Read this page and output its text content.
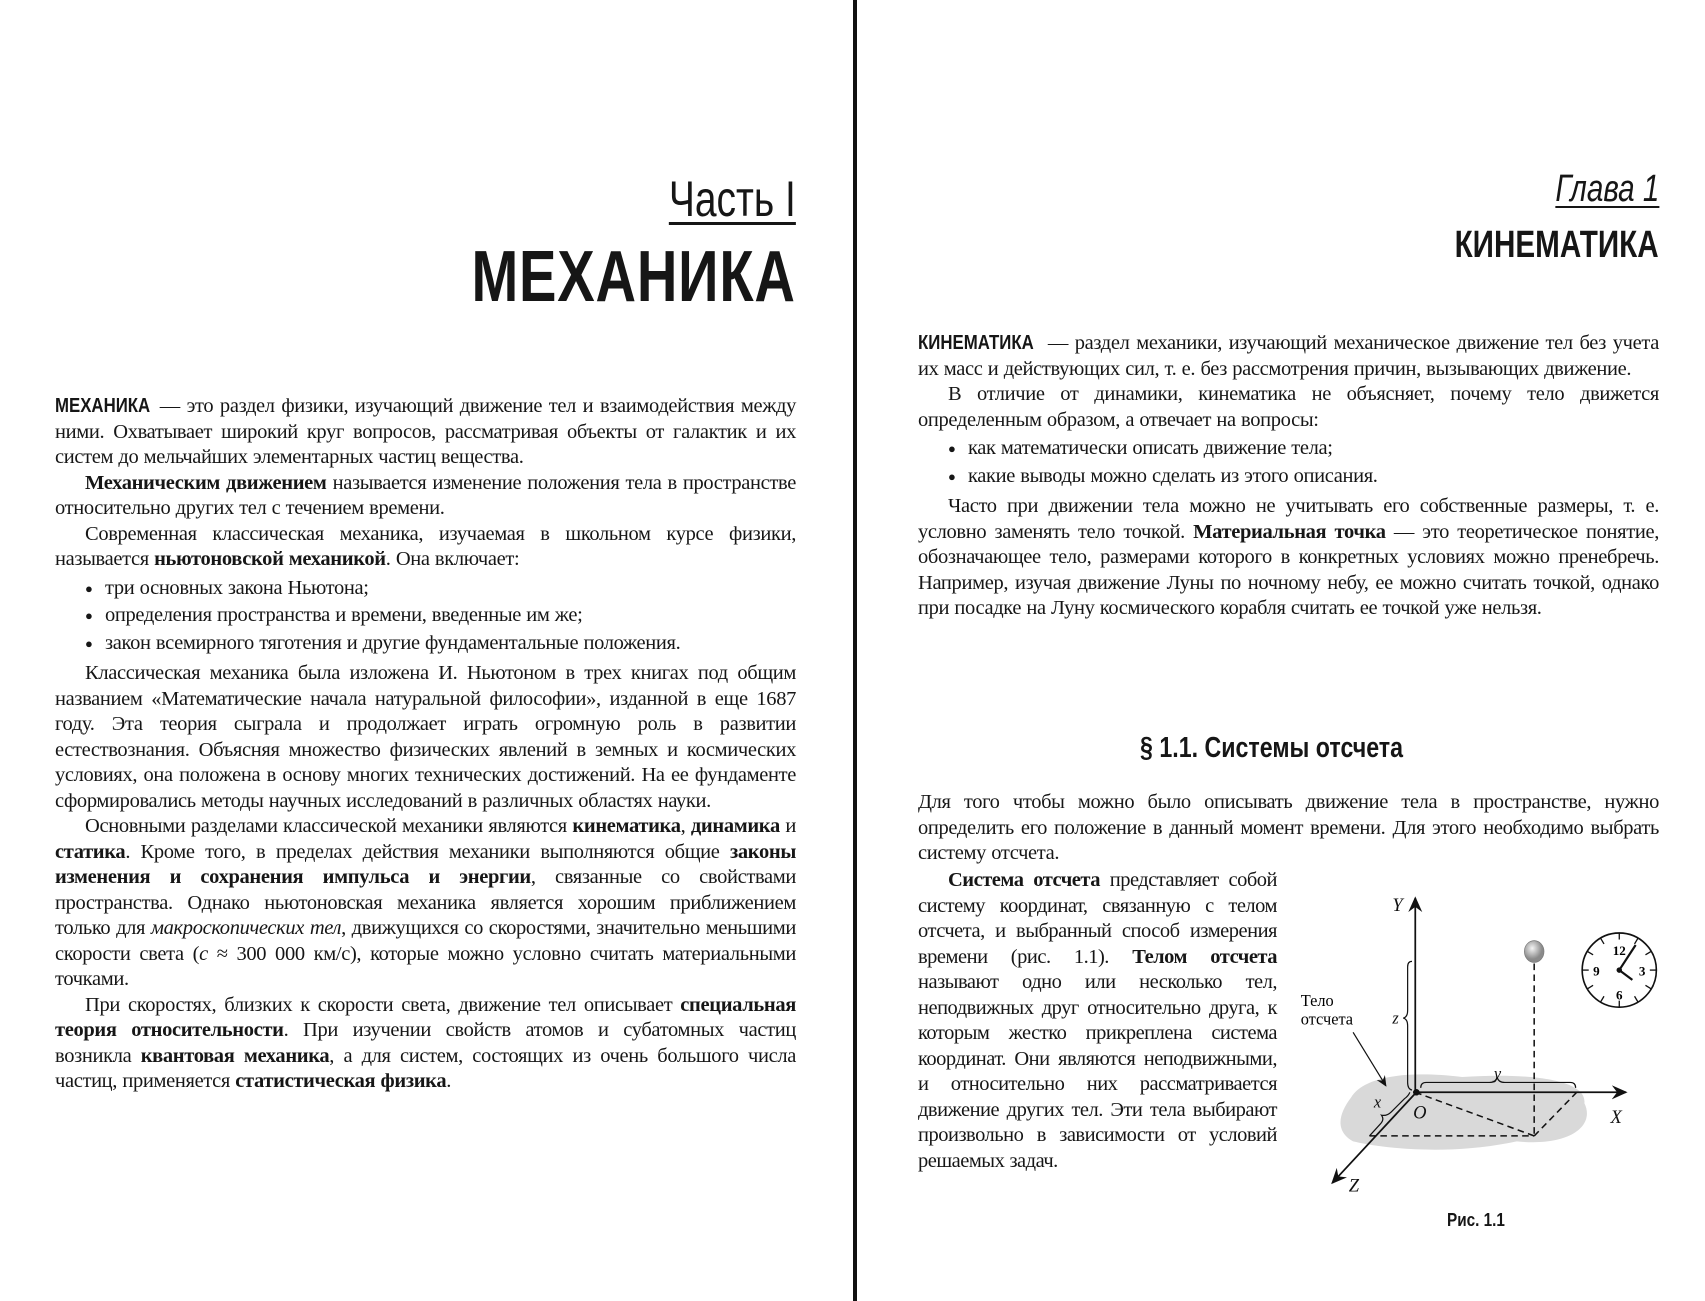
Часть I
МЕХАНИКА

МЕХАНИКА — это раздел физики, изучающий движение тел и взаимодействия между ними. Охватывает широкий круг вопросов, рассматривая объекты от галактик и их систем до мельчайших элементарных частиц вещества.

Механическим движением называется изменение положения тела в пространстве относительно других тел с течением времени.

Современная классическая механика, изучаемая в школьном курсе физики, называется ньютоновской механикой. Она включает:

● три основных закона Ньютона;
● определения пространства и времени, введенные им же;
● закон всемирного тяготения и другие фундаментальные положения.

Классическая механика была изложена И. Ньютоном в трех книгах под общим названием «Математические начала натуральной философии», изданной в еще 1687 году. Эта теория сыграла и продолжает играть огромную роль в развитии естествознания. Объясняя множество физических явлений в земных и космических условиях, она положена в основу многих технических достижений. На ее фундаменте сформировались методы научных исследований в различных областях науки.

Основными разделами классической механики являются кинематика, динамика и статика. Кроме того, в пределах действия механики выполняются общие законы изменения и сохранения импульса и энергии, связанные со свойствами пространства. Однако ньютоновская механика является хорошим приближением только для макроскопических тел, движущихся со скоростями, значительно меньшими скорости света (c ≈ 300 000 км/с), которые можно условно считать материальными точками.

При скоростях, близких к скорости света, движение тел описывает специальная теория относительности. При изучении свойств атомов и субатомных частиц возникла квантовая механика, а для систем, состоящих из очень большого числа частиц, применяется статистическая физика.

Глава 1
КИНЕМАТИКА

КИНЕМАТИКА — раздел механики, изучающий механическое движение тел без учета их масс и действующих сил, т. е. без рассмотрения причин, вызывающих движение.

В отличие от динамики, кинематика не объясняет, почему тело движется определенным образом, а отвечает на вопросы:

● как математически описать движение тела;
● какие выводы можно сделать из этого описания.

Часто при движении тела можно не учитывать его собственные размеры, т. е. условно заменять тело точкой. Материальная точка — это теоретическое понятие, обозначающее тело, размерами которого в конкретных условиях можно пренебречь. Например, изучая движение Луны по ночному небу, ее можно считать точкой, однако при посадке на Луну космического корабля считать ее точкой уже нельзя.

§ 1.1. Системы отсчета

Для того чтобы можно было описывать движение тела в пространстве, нужно определить его положение в данный момент времени. Для этого необходимо выбрать систему отсчета.

Система отсчета представляет собой систему координат, связанную с телом отсчета, и выбранный способ измерения времени (рис. 1.1). Телом отсчета называют одно или несколько тел, неподвижных друг относительно друга, к которым жестко прикреплена система координат. Они являются неподвижными, и относительно них рассматривается движение других тел. Эти тела выбирают произвольно в зависимости от условий решаемых задач.

12
3
6
9
Y
X
Z
O
z
y
x
Тело
отсчета
Рис. 1.1
